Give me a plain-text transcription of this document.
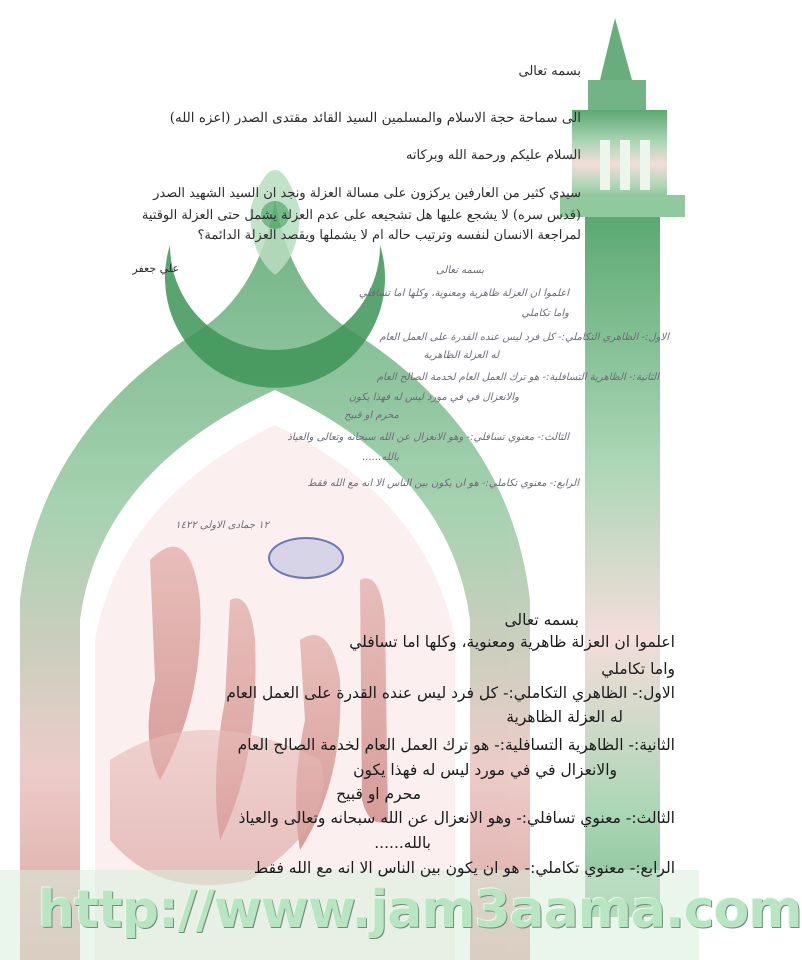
بسمه تعالى
الى سماحة حجة الاسلام والمسلمين السيد القائد مقتدى الصدر (اعزه الله)
السلام عليكم ورحمة الله وبركاته
سيدي كثير من العارفين يركزون على مسالة العزلة ونجد ان السيد الشهيد الصدر
(قدس سره) لا يشجع عليها هل تشجيعه على عدم العزلة يشمل حتى العزلة الوقتية
لمراجعة الانسان لنفسه وترتيب حاله ام لا يشملها ويقصد العزلة الدائمة؟
علي جعفر	بسمه تعالى
اعلموا ان العزلة ظاهرية ومعنوية، وكلها اما تسافلي
واما تكاملي
الاول:- الظاهري التكاملي:- كل فرد ليس عنده القدرة على العمل العام
له العزلة الظاهرية
الثانية:- الظاهرية التسافلية:- هو ترك العمل العام لخدمة الصالح العام
والانعزال في في مورد ليس له فهذا يكون
محرم او قبيح
الثالث:- معنوي تسافلي:- وهو الانعزال عن الله سبحانه وتعالى والعياذ
بالله......
الرابع:- معنوي تكاملي:- هو ان يكون بين الناس الا انه مع الله فقط
١٢ جمادى الاولى ١٤٢٢
بسمه تعالى
اعلموا ان العزلة ظاهرية ومعنوية، وكلها اما تسافلي
واما تكاملي
الاول:- الظاهري التكاملي:- كل فرد ليس عنده القدرة على العمل العام
له العزلة الظاهرية
الثانية:- الظاهرية التسافلية:- هو ترك العمل العام لخدمة الصالح العام
والانعزال في في مورد ليس له فهذا يكون
محرم او قبيح
الثالث:- معنوي تسافلي:- وهو الانعزال عن الله سبحانه وتعالى والعياذ
بالله......
الرابع:- معنوي تكاملي:- هو ان يكون بين الناس الا انه مع الله فقط
http://www.jam3aama.com
